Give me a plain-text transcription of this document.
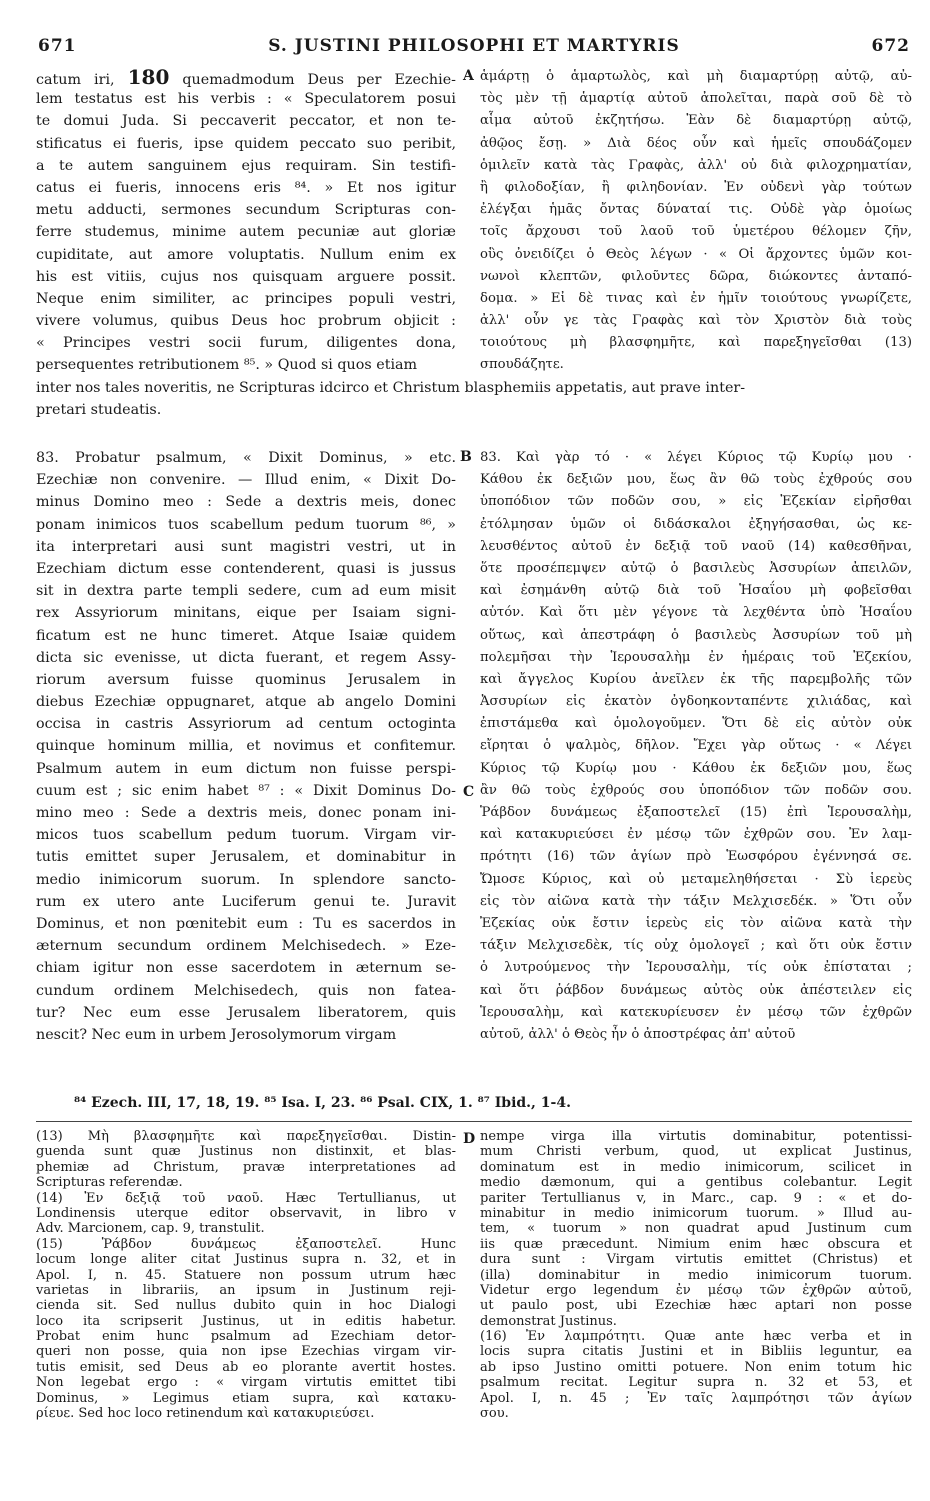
671	S. JUSTINI PHILOSOPHI ET MARTYRIS	672
catum iri, 180 quemadmodum Deus per Ezechie-
lem testatus est his verbis : « Speculatorem posui
te domui Juda. Si peccaverit peccator, et non te-
stificatus ei fueris, ipse quidem peccato suo peribit,
a te autem sanguinem ejus requiram. Sin testifi-
catus ei fueris, innocens eris ⁸⁴. » Et nos igitur
metu adducti, sermones secundum Scripturas con-
ferre studemus, minime autem pecuniæ aut gloriæ
cupiditate, aut amore voluptatis. Nullum enim ex
his est vitiis, cujus nos quisquam arguere possit.
Neque enim similiter, ac principes populi vestri,
vivere volumus, quibus Deus hoc probrum objicit :
« Principes vestri socii furum, diligentes dona,
persequentes retributionem ⁸⁵. » Quod si quos etiam
ἁμάρτῃ ὁ ἁμαρτωλὸς, καὶ μὴ διαμαρτύρῃ αὐτῷ, αὐ-
τὸς μὲν τῇ ἁμαρτίᾳ αὐτοῦ ἀπολεῖται, παρὰ σοῦ δὲ τὸ
αἷμα αὐτοῦ ἐκζητήσω. Ἐὰν δὲ διαμαρτύρῃ αὐτῷ,
ἀθῷος ἔσῃ. » Διὰ δέος οὖν καὶ ἡμεῖς σπουδάζομεν
ὁμιλεῖν κατὰ τὰς Γραφὰς, ἀλλ' οὐ διὰ φιλοχρηματίαν,
ἢ φιλοδοξίαν, ἢ φιληδονίαν. Ἐν οὐδενὶ γὰρ τούτων
ἐλέγξαι ἡμᾶς ὄντας δύναταί τις. Οὐδὲ γὰρ ὁμοίως
τοῖς ἄρχουσι τοῦ λαοῦ τοῦ ὑμετέρου θέλομεν ζῆν,
οὓς ὀνειδίζει ὁ Θεὸς λέγων · « Οἱ ἄρχοντες ὑμῶν κοι-
νωνοὶ κλεπτῶν, φιλοῦντες δῶρα, διώκοντες ἀνταπό-
δομα. » Εἰ δὲ τινας καὶ ἐν ἡμῖν τοιούτους γνωρίζετε,
ἀλλ' οὖν γε τὰς Γραφὰς καὶ τὸν Χριστὸν διὰ τοὺς
τοιούτους μὴ βλασφημῆτε, καὶ παρεξηγεῖσθαι (13)
σπουδάζητε.
A
inter nos tales noveritis, ne Scripturas idcirco et Christum blasphemiis appetatis, aut prave inter-
pretari studeatis.
83. Probatur psalmum, « Dixit Dominus, » etc.
Ezechiæ non convenire. — Illud enim, « Dixit Do-
minus Domino meo : Sede a dextris meis, donec
ponam inimicos tuos scabellum pedum tuorum ⁸⁶, »
ita interpretari ausi sunt magistri vestri, ut in
Ezechiam dictum esse contenderent, quasi is jussus
sit in dextra parte templi sedere, cum ad eum misit
rex Assyriorum minitans, eique per Isaiam signi-
ficatum est ne hunc timeret. Atque Isaiæ quidem
dicta sic evenisse, ut dicta fuerant, et regem Assy-
riorum aversum fuisse quominus Jerusalem in
diebus Ezechiæ oppugnaret, atque ab angelo Domini
occisa in castris Assyriorum ad centum octoginta
quinque hominum millia, et novimus et confitemur.
Psalmum autem in eum dictum non fuisse perspi-
cuum est ; sic enim habet ⁸⁷ : « Dixit Dominus Do-
mino meo : Sede a dextris meis, donec ponam ini-
micos tuos scabellum pedum tuorum. Virgam vir-
tutis emittet super Jerusalem, et dominabitur in
medio inimicorum suorum. In splendore sancto-
rum ex utero ante Luciferum genui te. Juravit
Dominus, et non pœnitebit eum : Tu es sacerdos in
æternum secundum ordinem Melchisedech. » Eze-
chiam igitur non esse sacerdotem in æternum se-
cundum ordinem Melchisedech, quis non fatea-
tur? Nec eum esse Jerusalem liberatorem, quis
nescit? Nec eum in urbem Jerosolymorum virgam
83. Καὶ γὰρ τό · « λέγει Κύριος τῷ Κυρίῳ μου ·
Κάθου ἐκ δεξιῶν μου, ἕως ἂν θῶ τοὺς ἐχθρούς σου
ὑποπόδιον τῶν ποδῶν σου, » εἰς Ἐζεκίαν εἰρῆσθαι
ἐτόλμησαν ὑμῶν οἱ διδάσκαλοι ἐξηγήσασθαι, ὡς κε-
λευσθέντος αὐτοῦ ἐν δεξιᾷ τοῦ ναοῦ (14) καθεσθῆναι,
ὅτε προσέπεμψεν αὐτῷ ὁ βασιλεὺς Ἀσσυρίων ἀπειλῶν,
καὶ ἐσημάνθη αὐτῷ διὰ τοῦ Ἡσαΐου μὴ φοβεῖσθαι
αὐτόν. Καὶ ὅτι μὲν γέγονε τὰ λεχθέντα ὑπὸ Ἡσαΐου
οὕτως, καὶ ἀπεστράφη ὁ βασιλεὺς Ἀσσυρίων τοῦ μὴ
πολεμῆσαι τὴν Ἱερουσαλὴμ ἐν ἡμέραις τοῦ Ἐζεκίου,
καὶ ἄγγελος Κυρίου ἀνεῖλεν ἐκ τῆς παρεμβολῆς τῶν
Ἀσσυρίων εἰς ἑκατὸν ὀγδοηκονταπέντε χιλιάδας, καὶ
ἐπιστάμεθα καὶ ὁμολογοῦμεν. Ὅτι δὲ εἰς αὐτὸν οὐκ
εἴρηται ὁ ψαλμὸς, δῆλον. Ἔχει γὰρ οὕτως · « Λέγει
Κύριος τῷ Κυρίῳ μου · Κάθου ἐκ δεξιῶν μου, ἕως
ἂν θῶ τοὺς ἐχθρούς σου ὑποπόδιον τῶν ποδῶν σου.
Ῥάβδον δυνάμεως ἐξαποστελεῖ (15) ἐπὶ Ἱερουσαλὴμ,
καὶ κατακυριεύσει ἐν μέσῳ τῶν ἐχθρῶν σου. Ἐν λαμ-
πρότητι (16) τῶν ἁγίων πρὸ Ἑωσφόρου ἐγέννησά σε.
Ὤμοσε Κύριος, καὶ οὐ μεταμεληθήσεται · Σὺ ἱερεὺς
εἰς τὸν αἰῶνα κατὰ τὴν τάξιν Μελχισεδέκ. » Ὅτι οὖν
Ἐζεκίας οὐκ ἔστιν ἱερεὺς εἰς τὸν αἰῶνα κατὰ τὴν
τάξιν Μελχισεδὲκ, τίς οὐχ ὁμολογεῖ ; καὶ ὅτι οὐκ ἔστιν
ὁ λυτρούμενος τὴν Ἱερουσαλὴμ, τίς οὐκ ἐπίσταται ;
καὶ ὅτι ῥάβδον δυνάμεως αὐτὸς οὐκ ἀπέστειλεν εἰς
Ἱερουσαλὴμ, καὶ κατεκυρίευσεν ἐν μέσῳ τῶν ἐχθρῶν
αὐτοῦ, ἀλλ' ὁ Θεὸς ἦν ὁ ἀποστρέφας ἀπ' αὐτοῦ
B
C
⁸⁴ Ezech. III, 17, 18, 19. ⁸⁵ Isa. I, 23. ⁸⁶ Psal. CIX, 1. ⁸⁷ Ibid., 1-4.
(13) Μὴ βλασφημῆτε καὶ παρεξηγεῖσθαι. Distin-
guenda sunt quæ Justinus non distinxit, et blas-
phemiæ ad Christum, pravæ interpretationes ad
Scripturas referendæ.
(14) Ἐν δεξιᾷ τοῦ ναοῦ. Hæc Tertullianus, ut
Londinensis uterque editor observavit, in libro v
Adv. Marcionem, cap. 9, transtulit.
(15) Ῥάβδον δυνάμεως ἐξαποστελεῖ. Hunc
locum longe aliter citat Justinus supra n. 32, et in
Apol. I, n. 45. Statuere non possum utrum hæc
varietas in librariis, an ipsum in Justinum reji-
cienda sit. Sed nullus dubito quin in hoc Dialogi
loco ita scripserit Justinus, ut in editis habetur.
Probat enim hunc psalmum ad Ezechiam detor-
queri non posse, quia non ipse Ezechias virgam vir-
tutis emisit, sed Deus ab eo plorante avertit hostes.
Non legebat ergo : « virgam virtutis emittet tibi
Dominus, » Legimus etiam supra, καὶ κατακυ-
ρίευε. Sed hoc loco retinendum καὶ κατακυριεύσει.
nempe virga illa virtutis dominabitur, potentissi-
mum Christi verbum, quod, ut explicat Justinus,
dominatum est in medio inimicorum, scilicet in
medio dæmonum, qui a gentibus colebantur. Legit
pariter Tertullianus v, in Marc., cap. 9 : « et do-
minabitur in medio inimicorum tuorum. » Illud au-
tem, « tuorum » non quadrat apud Justinum cum
iis quæ præcedunt. Nimium enim hæc obscura et
dura sunt : Virgam virtutis emittet (Christus) et
(illa) dominabitur in medio inimicorum tuorum.
Videtur ergo legendum ἐν μέσῳ τῶν ἐχθρῶν αὐτοῦ,
ut paulo post, ubi Ezechiæ hæc aptari non posse
demonstrat Justinus.
(16) Ἐν λαμπρότητι. Quæ ante hæc verba et in
locis supra citatis Justini et in Bibliis leguntur, ea
ab ipso Justino omitti potuere. Non enim totum hic
psalmum recitat. Legitur supra n. 32 et 53, et
Apol. I, n. 45 ; Ἐν ταῖς λαμπρότησι τῶν ἁγίων
σου.
D
